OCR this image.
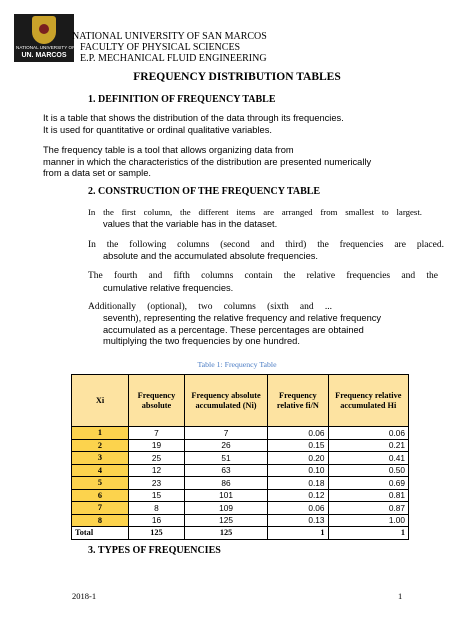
NATIONAL UNIVERSITY OF
UN. MARCOS
NATIONAL UNIVERSITY OF SAN MARCOS
FACULTY OF PHYSICAL SCIENCES
E.P. MECHANICAL FLUID ENGINEERING
FREQUENCY DISTRIBUTION TABLES
1. DEFINITION OF FREQUENCY TABLE
It is a table that shows the distribution of the data through its frequencies.
It is used for quantitative or ordinal qualitative variables.
The frequency table is a tool that allows organizing data from
manner in which the characteristics of the distribution are presented numerically
from a data set or sample.
2. CONSTRUCTION OF THE FREQUENCY TABLE
In the first column, the different items are arranged from smallest to largest.
values that the variable has in the dataset.
In the following columns (second and third) the frequencies are placed.
absolute and the accumulated absolute frequencies.
The fourth and fifth columns contain the relative frequencies and the
cumulative relative frequencies.
Additionally (optional), two columns (sixth and ...
seventh), representing the relative frequency and relative frequency
accumulated as a percentage. These percentages are obtained
multiplying the two frequencies by one hundred.
Table 1: Frequency Table
Xi	Frequency absolute	Frequency absolute accumulated (Ni)	Frequency relative fi/N	Frequency relative accumulated Hi
1	7	7	0.06	0.06
2	19	26	0.15	0.21
3	25	51	0.20	0.41
4	12	63	0.10	0.50
5	23	86	0.18	0.69
6	15	101	0.12	0.81
7	8	109	0.06	0.87
8	16	125	0.13	1.00
Total	125	125	1	1
3. TYPES OF FREQUENCIES
2018-1	1
